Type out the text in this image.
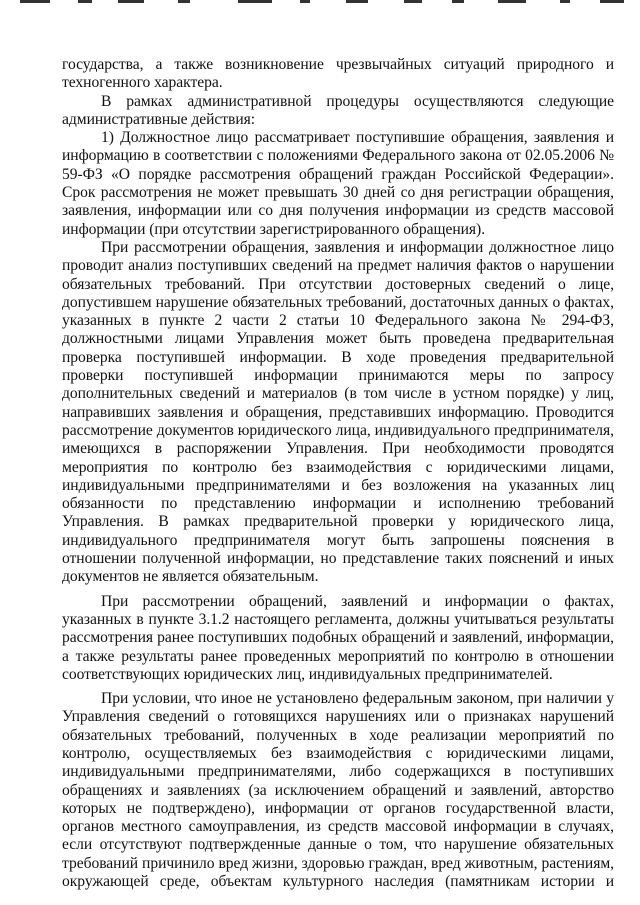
государства, а также возникновение чрезвычайных ситуаций природного и техногенного характера.

В рамках административной процедуры осуществляются следующие административные действия:

1) Должностное лицо рассматривает поступившие обращения, заявления и информацию в соответствии с положениями Федерального закона от 02.05.2006 № 59-ФЗ «О порядке рассмотрения обращений граждан Российской Федерации». Срок рассмотрения не может превышать 30 дней со дня регистрации обращения, заявления, информации или со дня получения информации из средств массовой информации (при отсутствии зарегистрированного обращения).

При рассмотрении обращения, заявления и информации должностное лицо проводит анализ поступивших сведений на предмет наличия фактов о нарушении обязательных требований. При отсутствии достоверных сведений о лице, допустившем нарушение обязательных требований, достаточных данных о фактах, указанных в пункте 2 части 2 статьи 10 Федерального закона № 294-ФЗ, должностными лицами Управления может быть проведена предварительная проверка поступившей информации. В ходе проведения предварительной проверки поступившей информации принимаются меры по запросу дополнительных сведений и материалов (в том числе в устном порядке) у лиц, направивших заявления и обращения, представивших информацию. Проводится рассмотрение документов юридического лица, индивидуального предпринимателя, имеющихся в распоряжении Управления. При необходимости проводятся мероприятия по контролю без взаимодействия с юридическими лицами, индивидуальными предпринимателями и без возложения на указанных лиц обязанности по представлению информации и исполнению требований Управления. В рамках предварительной проверки у юридического лица, индивидуального предпринимателя могут быть запрошены пояснения в отношении полученной информации, но представление таких пояснений и иных документов не является обязательным.

При рассмотрении обращений, заявлений и информации о фактах, указанных в пункте 3.1.2 настоящего регламента, должны учитываться результаты рассмотрения ранее поступивших подобных обращений и заявлений, информации, а также результаты ранее проведенных мероприятий по контролю в отношении соответствующих юридических лиц, индивидуальных предпринимателей.

При условии, что иное не установлено федеральным законом, при наличии у Управления сведений о готовящихся нарушениях или о признаках нарушений обязательных требований, полученных в ходе реализации мероприятий по контролю, осуществляемых без взаимодействия с юридическими лицами, индивидуальными предпринимателями, либо содержащихся в поступивших обращениях и заявлениях (за исключением обращений и заявлений, авторство которых не подтверждено), информации от органов государственной власти, органов местного самоуправления, из средств массовой информации в случаях, если отсутствуют подтвержденные данные о том, что нарушение обязательных требований причинило вред жизни, здоровью граждан, вред животным, растениям, окружающей среде, объектам культурного наследия (памятникам истории и
